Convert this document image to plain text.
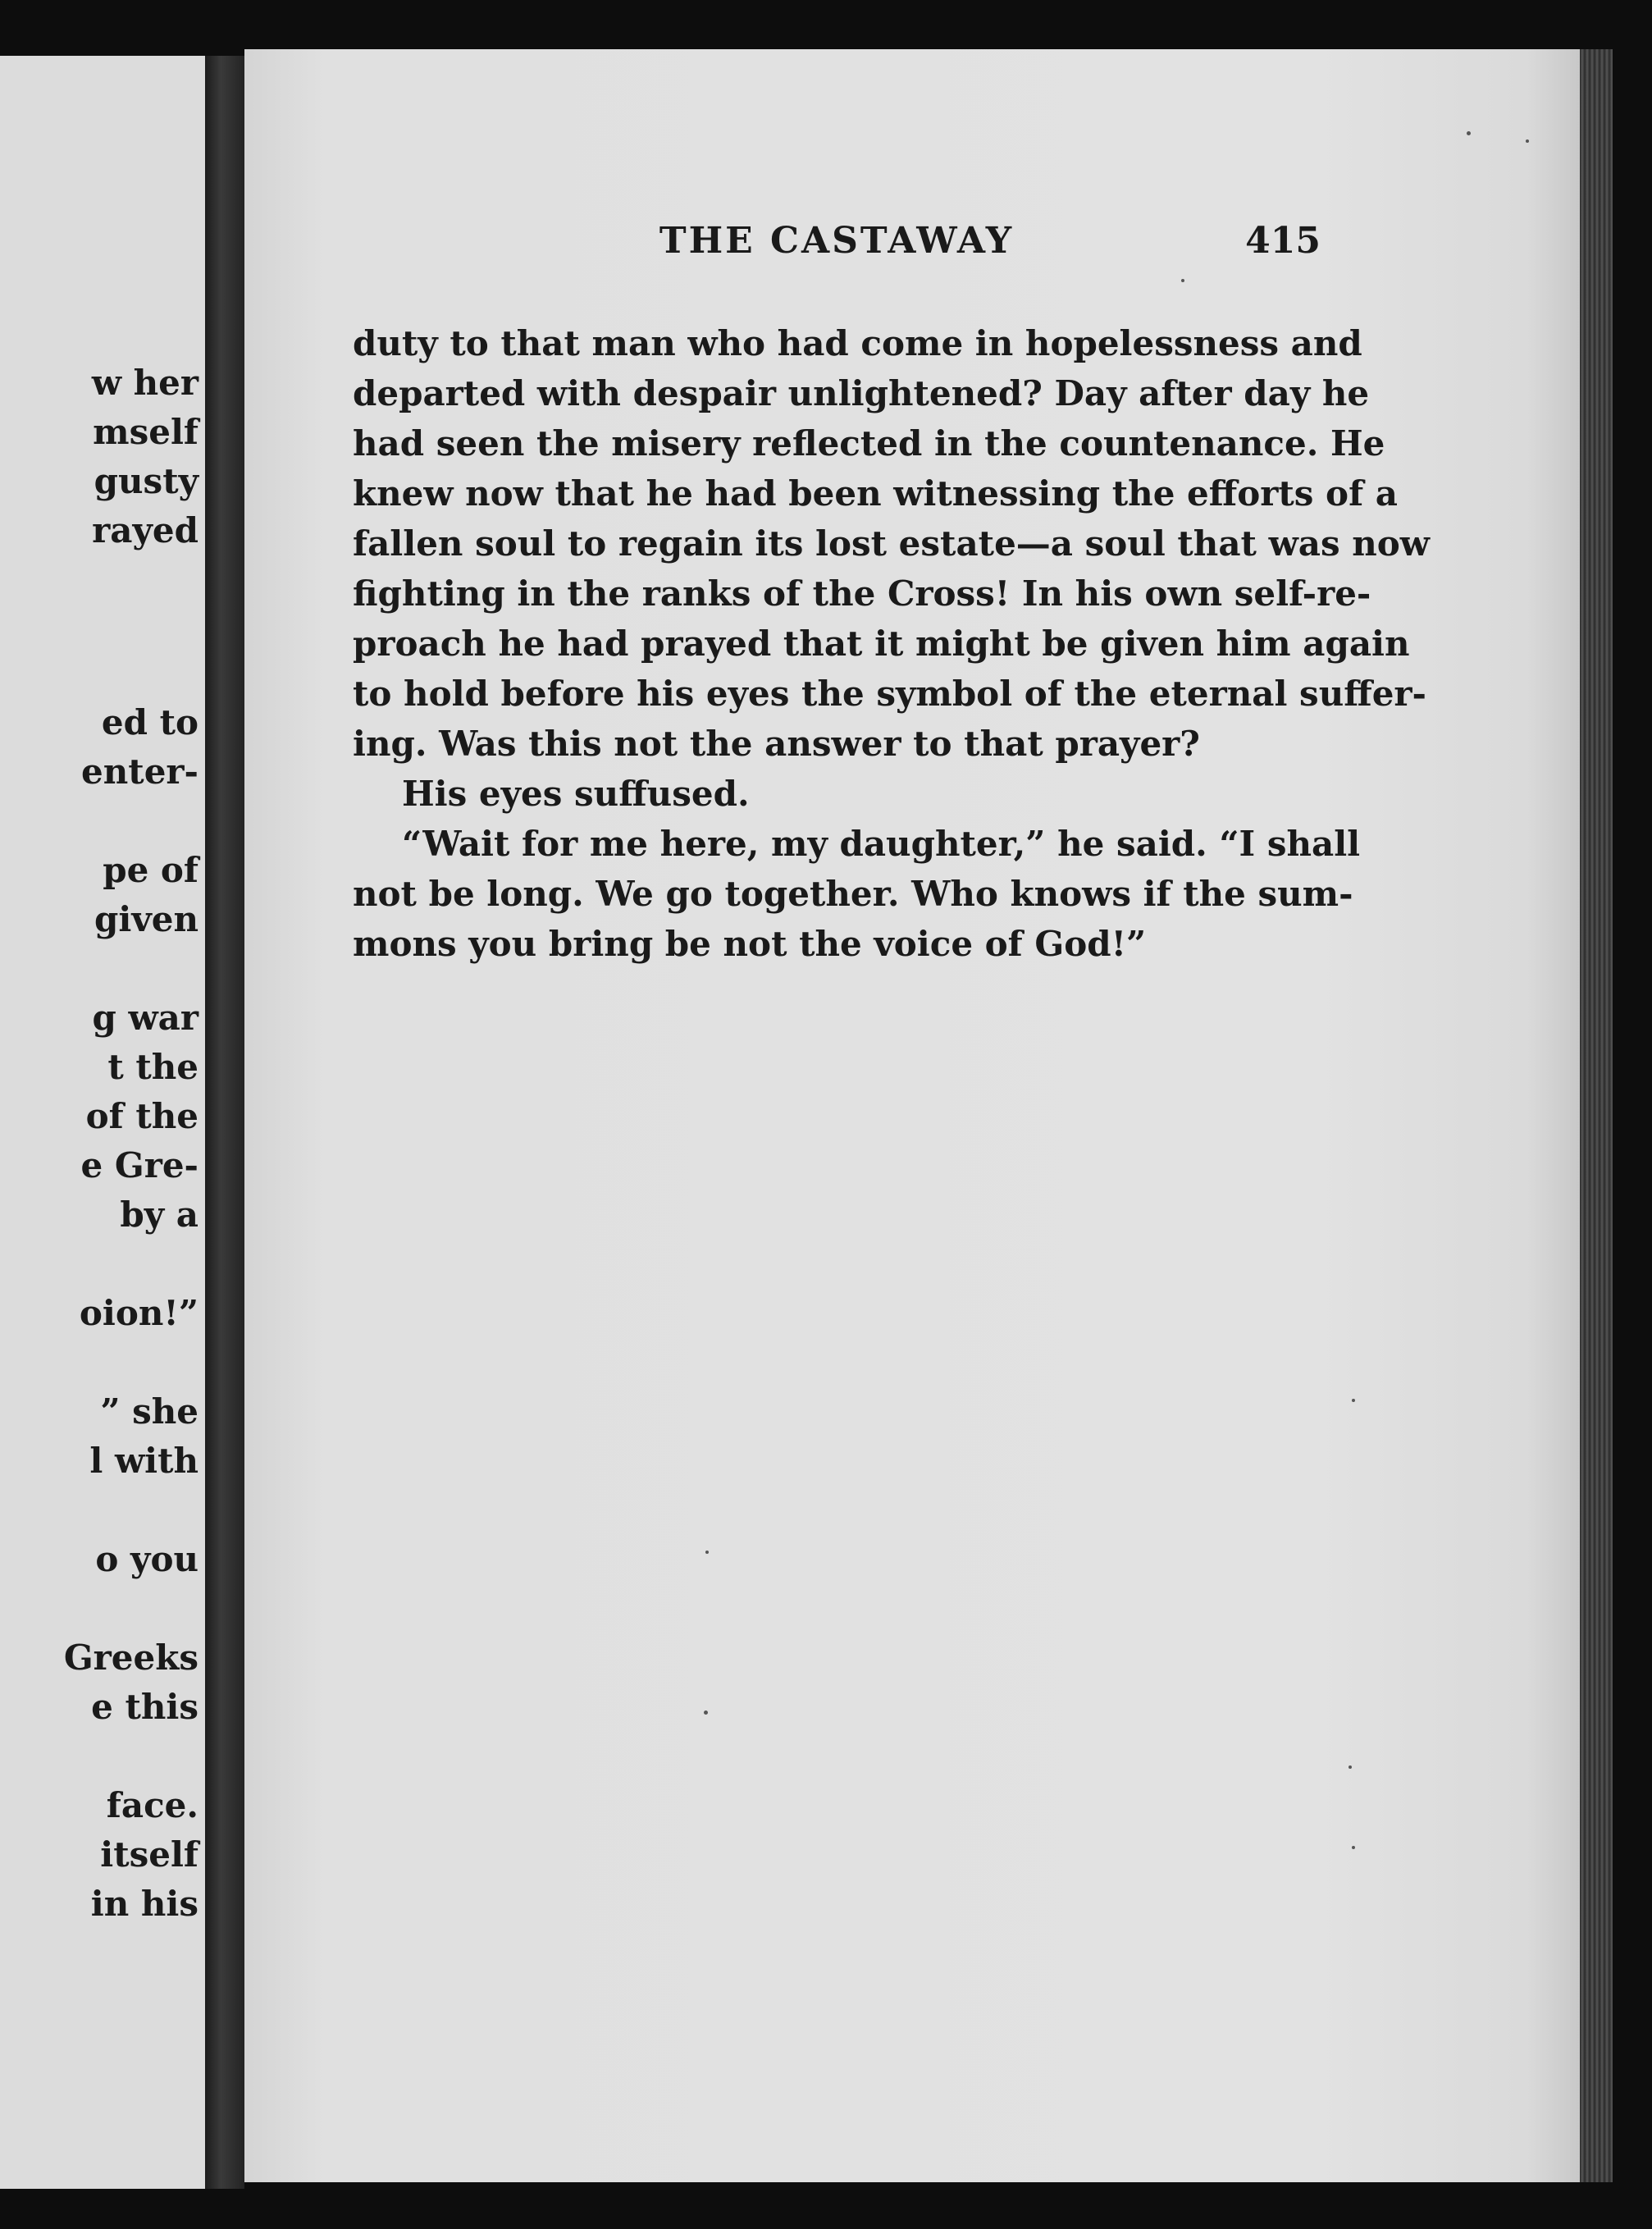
w her
mself
gusty
rayed
ed to
enter-
pe of
given
g war
t the
of the
e Gre-
by a
oion!”
” she
l with
o you
Greeks
e this
face.
itself
in his
THE CASTAWAY	415
duty to that man who had come in hopelessness and
departed with despair unlightened? Day after day he
had seen the misery reflected in the countenance. He
knew now that he had been witnessing the efforts of a
fallen soul to regain its lost estate—a soul that was now
fighting in the ranks of the Cross! In his own self-re-
proach he had prayed that it might be given him again
to hold before his eyes the symbol of the eternal suffer-
ing. Was this not the answer to that prayer?
His eyes suffused.
“Wait for me here, my daughter,” he said. “I shall
not be long. We go together. Who knows if the sum-
mons you bring be not the voice of God!”
